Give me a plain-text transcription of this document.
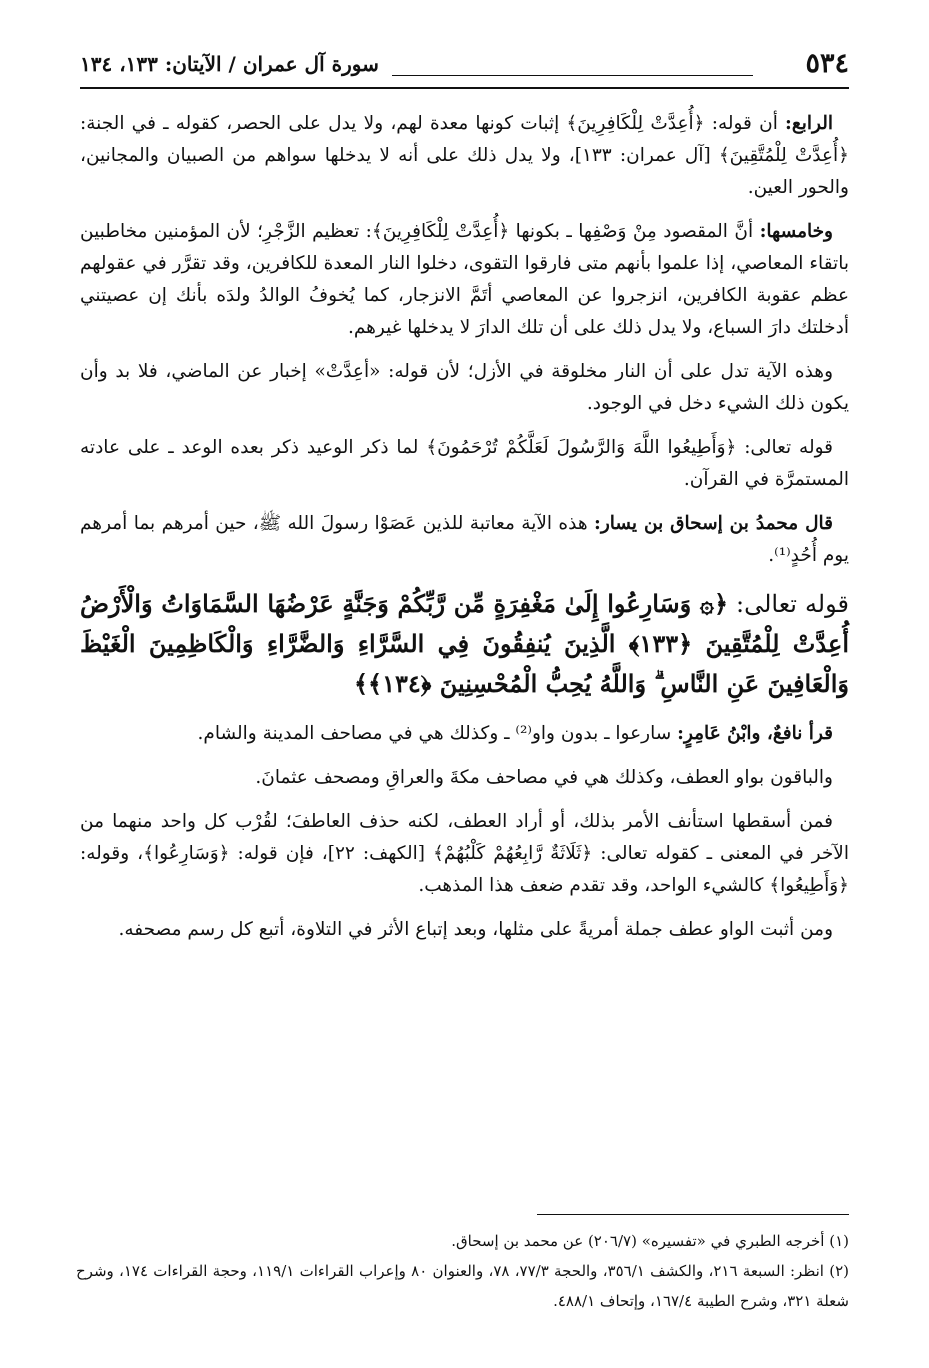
٥٣٤
سورة آل عمران / الآيتان: ١٣٣، ١٣٤

الرابع: أن قوله: ﴿أُعِدَّتْ لِلْكَافِرِينَ﴾ إثبات كونها معدة لهم، ولا يدل على الحصر، كقوله ـ في الجنة: ﴿أُعِدَّتْ لِلْمُتَّقِينَ﴾ [آل عمران: ١٣٣]، ولا يدل ذلك على أنه لا يدخلها سواهم من الصبيان والمجانين، والحور العين.

وخامسها: أنَّ المقصود مِنْ وَصْفِها ـ بكونها ﴿أُعِدَّتْ لِلْكَافِرِينَ﴾: تعظيم الزَّجْرِ؛ لأن المؤمنين مخاطبين باتقاء المعاصي، إذا علموا بأنهم متى فارقوا التقوى، دخلوا النار المعدة للكافرين، وقد تقرَّر في عقولهم عظم عقوبة الكافرين، انزجروا عن المعاصي أتَمَّ الانزجار، كما يُخوفُ الوالدُ ولدَه بأنك إن عصيتني أدخلتك دارَ السباع، ولا يدل ذلك على أن تلك الدارَ لا يدخلها غيرهم.

وهذه الآية تدل على أن النار مخلوقة في الأزل؛ لأن قوله: «أعِدَّتْ» إخبار عن الماضي، فلا بد وأن يكون ذلك الشيء دخل في الوجود.

قوله تعالى: ﴿وَأَطِيعُوا اللَّهَ وَالرَّسُولَ لَعَلَّكُمْ تُرْحَمُونَ﴾ لما ذكر الوعيد ذكر بعده الوعد ـ على عادته المستمرَّة في القرآن.

قال محمدُ بن إسحاق بن يسار: هذه الآية معاتبة للذين عَصَوْا رسولَ الله ﷺ، حين أمرهم بما أمرهم يوم أُحُدٍ⁽¹⁾.

قوله تعالى: ﴿۞ وَسَارِعُوا إِلَىٰ مَغْفِرَةٍ مِّن رَّبِّكُمْ وَجَنَّةٍ عَرْضُهَا السَّمَاوَاتُ وَالْأَرْضُ أُعِدَّتْ لِلْمُتَّقِينَ ﴿١٣٣﴾ الَّذِينَ يُنفِقُونَ فِي السَّرَّاءِ وَالضَّرَّاءِ وَالْكَاظِمِينَ الْغَيْظَ وَالْعَافِينَ عَنِ النَّاسِ ۗ وَاللَّهُ يُحِبُّ الْمُحْسِنِينَ ﴿١٣٤﴾﴾

قرأ نافعٌ، وابْنُ عَامِرٍ: سارعوا ـ بدون واو⁽²⁾ ـ وكذلك هي في مصاحف المدينة والشام.

والباقون بواو العطف، وكذلك هي في مصاحف مكةَ والعراقِ ومصحف عثمانَ.

فمن أسقطها استأنف الأمر بذلك، أو أراد العطف، لكنه حذف العاطفَ؛ لقُرْب كل واحد منهما من الآخر في المعنى ـ كقوله تعالى: ﴿ثَلَاثَةٌ رَّابِعُهُمْ كَلْبُهُمْ﴾ [الكهف: ٢٢]، فإن قوله: ﴿وَسَارِعُوا﴾، وقوله: ﴿وَأَطِيعُوا﴾ كالشيء الواحد، وقد تقدم ضعف هذا المذهب.

ومن أثبت الواو عطف جملة أمريةً على مثلها، وبعد إتباع الأثر في التلاوة، أتبع كل رسم مصحفه.

(١) أخرجه الطبري في «تفسيره» (٢٠٦/٧) عن محمد بن إسحاق.

(٢) انظر: السبعة ٢١٦، والكشف ٣٥٦/١، والحجة ٧٧/٣، ٧٨، والعنوان ٨٠ وإعراب القراءات ١١٩/١، وحجة القراءات ١٧٤، وشرح شعلة ٣٢١، وشرح الطيبة ١٦٧/٤، وإتحاف ٤٨٨/١.
